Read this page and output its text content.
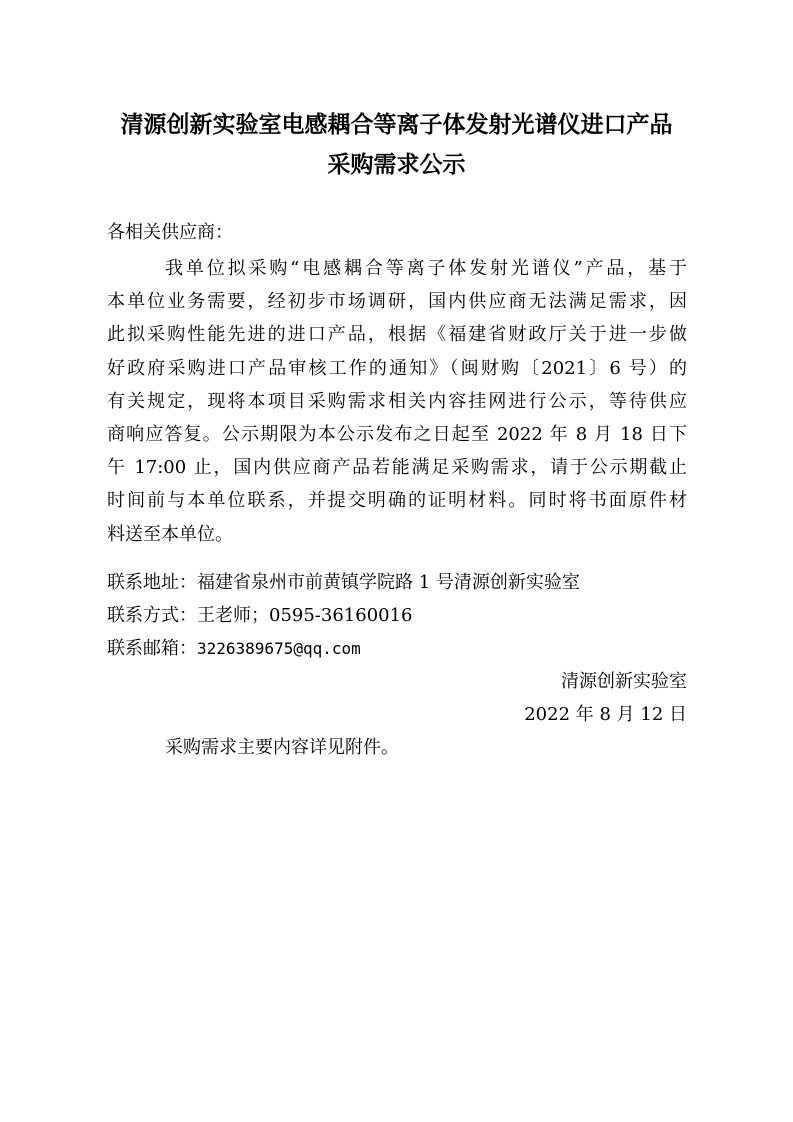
清源创新实验室电感耦合等离子体发射光谱仪进口产品
采购需求公示
各相关供应商：
我单位拟采购“电感耦合等离子体发射光谱仪”产品，基于
本单位业务需要，经初步市场调研，国内供应商无法满足需求，因
此拟采购性能先进的进口产品，根据《福建省财政厅关于进一步做
好政府采购进口产品审核工作的通知》（闽财购〔2021〕6 号）的
有关规定，现将本项目采购需求相关内容挂网进行公示，等待供应
商响应答复。公示期限为本公示发布之日起至 2022 年 8 月 18 日下
午 17:00 止，国内供应商产品若能满足采购需求，请于公示期截止
时间前与本单位联系，并提交明确的证明材料。同时将书面原件材
料送至本单位。
联系地址：福建省泉州市前黄镇学院路 1 号清源创新实验室
联系方式：王老师；0595-36160016
联系邮箱：3226389675@qq.com
清源创新实验室
2022 年 8 月 12 日
采购需求主要内容详见附件。
